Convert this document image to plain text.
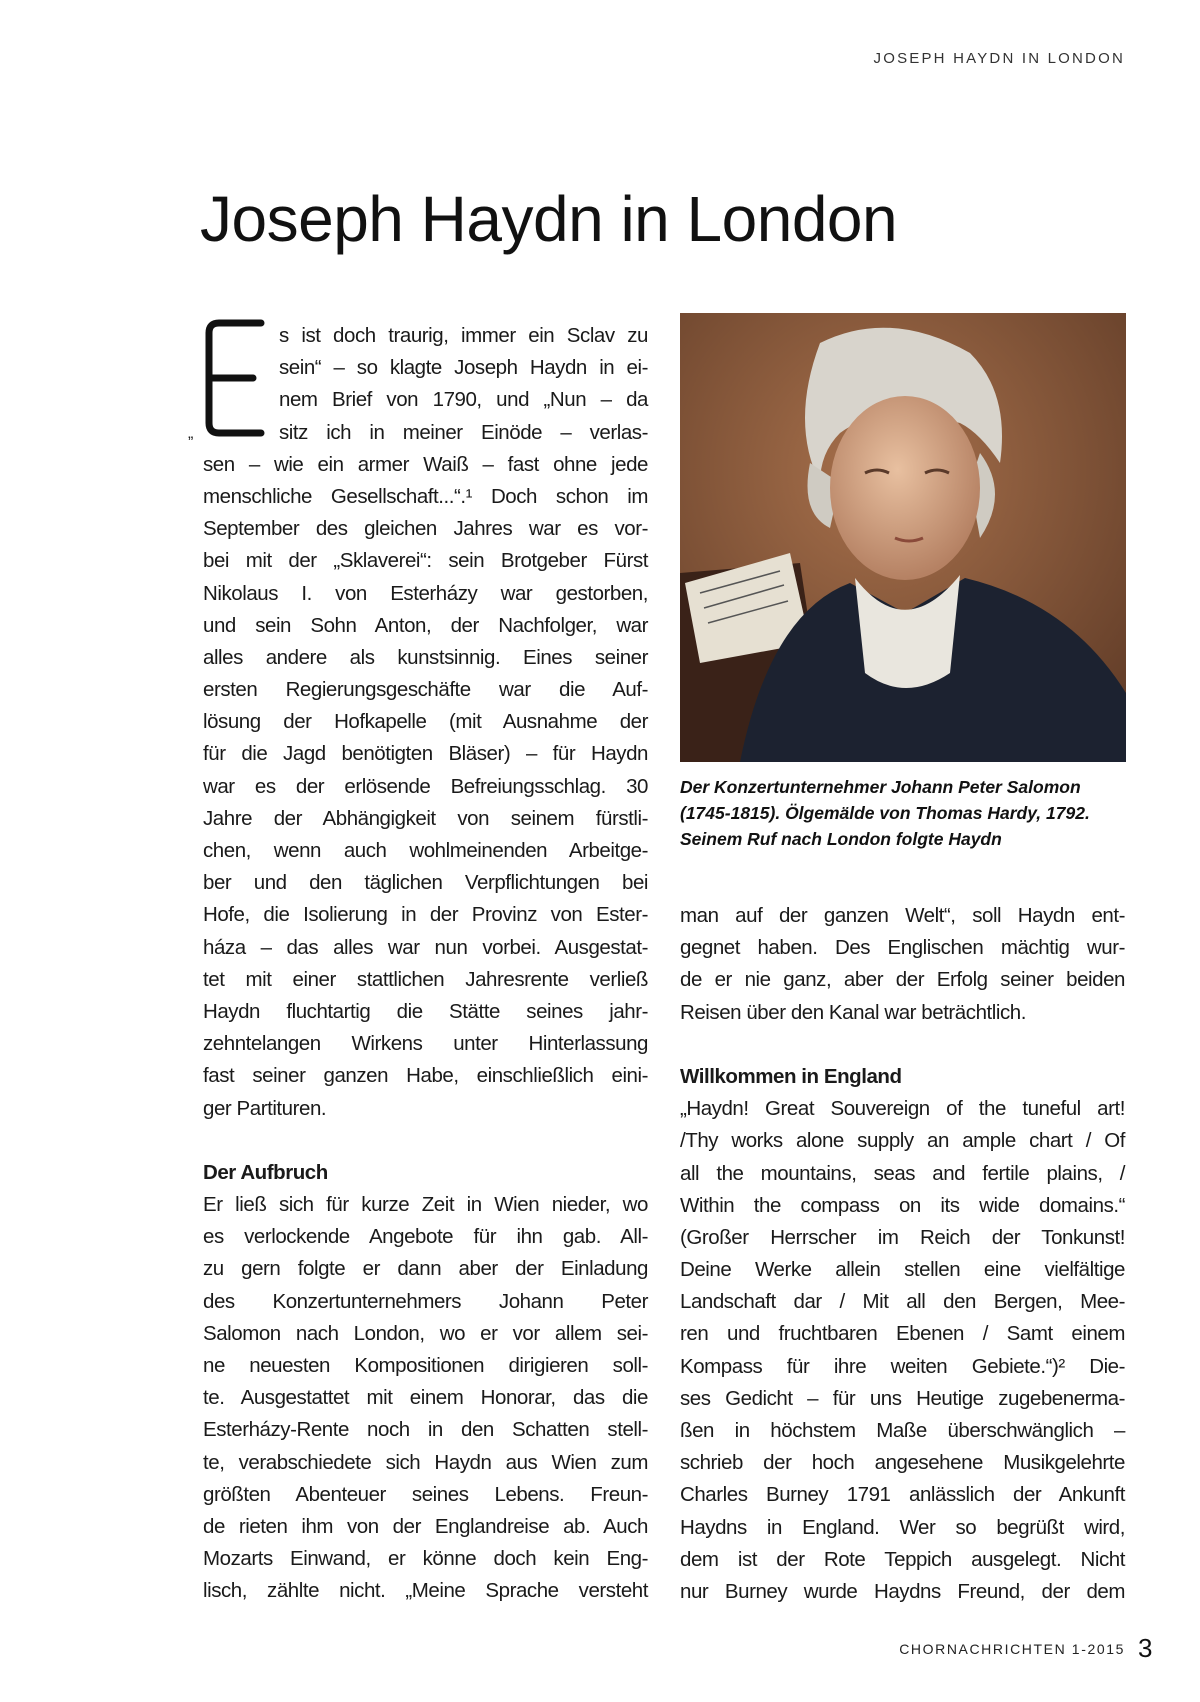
JOSEPH HAYDN IN LONDON
Joseph Haydn in London
„
s ist doch traurig, immer ein Sclav zu
sein“ – so klagte Joseph Haydn in ei-
nem Brief von 1790, und „Nun – da
sitz ich in meiner Einöde – verlas-
sen – wie ein armer Waiß – fast ohne jede
menschliche Gesellschaft...“.¹ Doch schon im
September des gleichen Jahres war es vor-
bei mit der „Sklaverei“: sein Brotgeber Fürst
Nikolaus I. von Esterházy war gestorben,
und sein Sohn Anton, der Nachfolger, war
alles andere als kunstsinnig. Eines seiner
ersten Regierungsgeschäfte war die Auf-
lösung der Hofkapelle (mit Ausnahme der
für die Jagd benötigten Bläser) – für Haydn
war es der erlösende Befreiungsschlag. 30
Jahre der Abhängigkeit von seinem fürstli-
chen, wenn auch wohlmeinenden Arbeitge-
ber und den täglichen Verpflichtungen bei
Hofe, die Isolierung in der Provinz von Ester-
háza – das alles war nun vorbei. Ausgestat-
tet mit einer stattlichen Jahresrente verließ
Haydn fluchtartig die Stätte seines jahr-
zehntelangen Wirkens unter Hinterlassung
fast seiner ganzen Habe, einschließlich eini-
ger Partituren.
Der Aufbruch
Er ließ sich für kurze Zeit in Wien nieder, wo
es verlockende Angebote für ihn gab. All-
zu gern folgte er dann aber der Einladung
des Konzertunternehmers Johann Peter
Salomon nach London, wo er vor allem sei-
ne neuesten Kompositionen dirigieren soll-
te. Ausgestattet mit einem Honorar, das die
Esterházy-Rente noch in den Schatten stell-
te, verabschiedete sich Haydn aus Wien zum
größten Abenteuer seines Lebens. Freun-
de rieten ihm von der Englandreise ab. Auch
Mozarts Einwand, er könne doch kein Eng-
lisch, zählte nicht. „Meine Sprache versteht
Der Konzertunternehmer Johann Peter Salomon
(1745-1815). Ölgemälde von Thomas Hardy, 1792.
Seinem Ruf nach London folgte Haydn
man auf der ganzen Welt“, soll Haydn ent-
gegnet haben. Des Englischen mächtig wur-
de er nie ganz, aber der Erfolg seiner beiden
Reisen über den Kanal war beträchtlich.
Willkommen in England
„Haydn! Great Souvereign of the tuneful art!
/Thy works alone supply an ample chart / Of
all the mountains, seas and fertile plains, /
Within the compass on its wide domains.“
(Großer Herrscher im Reich der Tonkunst!
Deine Werke allein stellen eine vielfältige
Landschaft dar / Mit all den Bergen, Mee-
ren und fruchtbaren Ebenen / Samt einem
Kompass für ihre weiten Gebiete.“)² Die-
ses Gedicht – für uns Heutige zugebenerma-
ßen in höchstem Maße überschwänglich –
schrieb der hoch angesehene Musikgelehrte
Charles Burney 1791 anlässlich der Ankunft
Haydns in England. Wer so begrüßt wird,
dem ist der Rote Teppich ausgelegt. Nicht
nur Burney wurde Haydns Freund, der dem
CHORNACHRICHTEN 1-2015 3
